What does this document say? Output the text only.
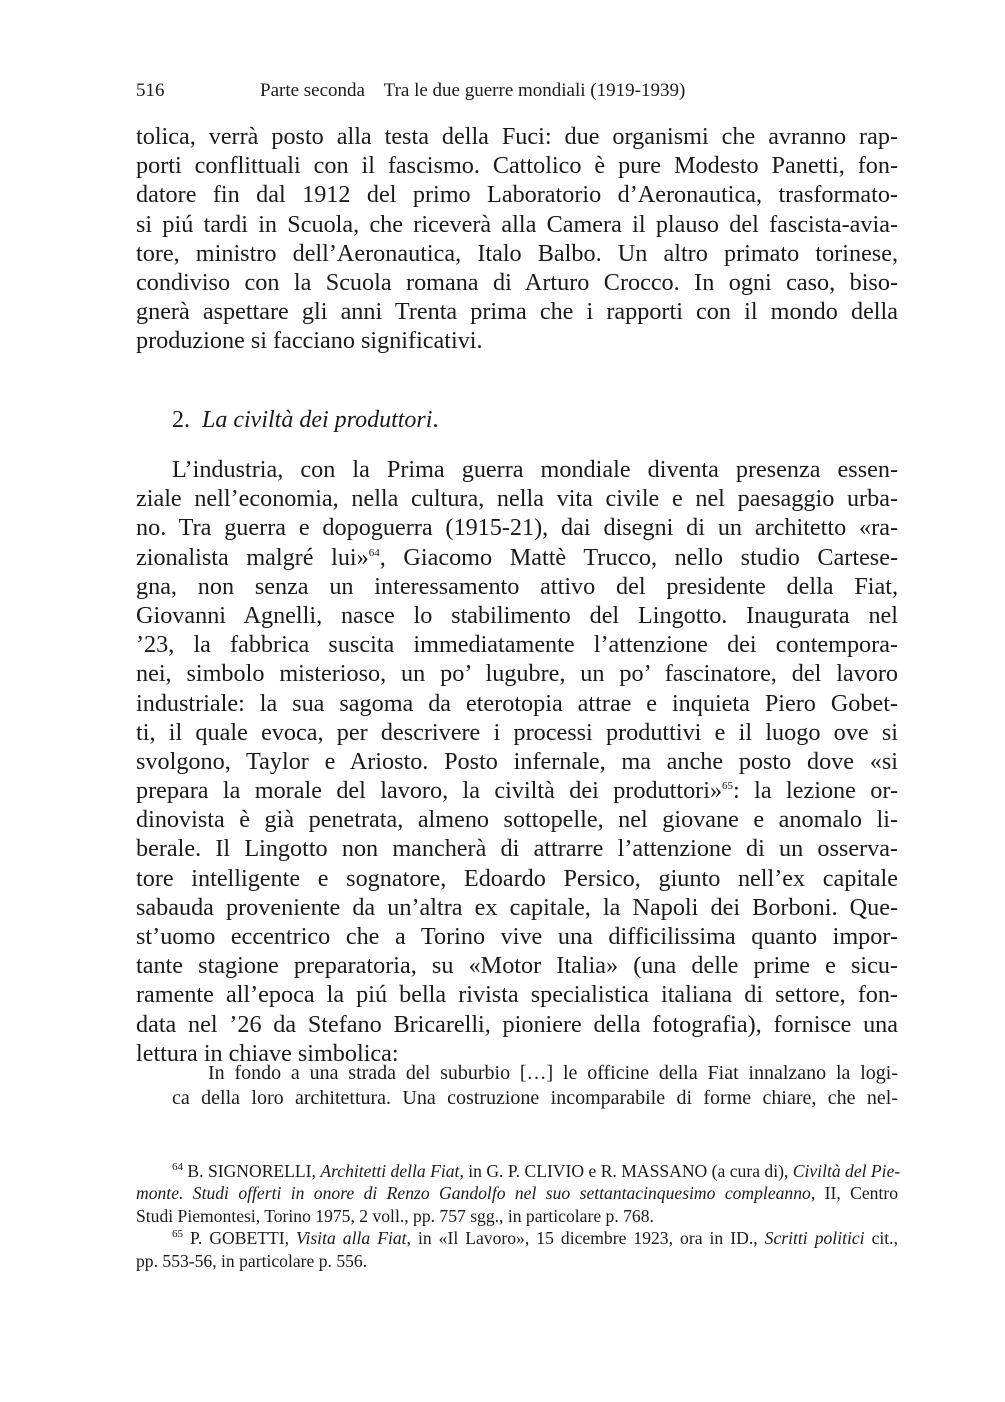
516	Parte seconda    Tra le due guerre mondiali (1919-1939)
tolica, verrà posto alla testa della Fuci: due organismi che avranno rap-
porti conflittuali con il fascismo. Cattolico è pure Modesto Panetti, fon-
datore fin dal 1912 del primo Laboratorio d’Aeronautica, trasformato-
si piú tardi in Scuola, che riceverà alla Camera il plauso del fascista-avia-
tore, ministro dell’Aeronautica, Italo Balbo. Un altro primato torinese,
condiviso con la Scuola romana di Arturo Crocco. In ogni caso, biso-
gnerà aspettare gli anni Trenta prima che i rapporti con il mondo della
produzione si facciano significativi.
2. La civiltà dei produttori.
L’industria, con la Prima guerra mondiale diventa presenza essen-
ziale nell’economia, nella cultura, nella vita civile e nel paesaggio urba-
no. Tra guerra e dopoguerra (1915-21), dai disegni di un architetto «ra-
zionalista malgré lui»$^{64}$, Giacomo Mattè Trucco, nello studio Cartese-
gna, non senza un interessamento attivo del presidente della Fiat,
Giovanni Agnelli, nasce lo stabilimento del Lingotto. Inaugurata nel
’23, la fabbrica suscita immediatamente l’attenzione dei contempora-
nei, simbolo misterioso, un po’ lugubre, un po’ fascinatore, del lavoro
industriale: la sua sagoma da eterotopia attrae e inquieta Piero Gobet-
ti, il quale evoca, per descrivere i processi produttivi e il luogo ove si
svolgono, Taylor e Ariosto. Posto infernale, ma anche posto dove «si
prepara la morale del lavoro, la civiltà dei produttori»$^{65}$: la lezione or-
dinovista è già penetrata, almeno sottopelle, nel giovane e anomalo li-
berale. Il Lingotto non mancherà di attrarre l’attenzione di un osserva-
tore intelligente e sognatore, Edoardo Persico, giunto nell’ex capitale
sabauda proveniente da un’altra ex capitale, la Napoli dei Borboni. Que-
st’uomo eccentrico che a Torino vive una difficilissima quanto impor-
tante stagione preparatoria, su «Motor Italia» (una delle prime e sicu-
ramente all’epoca la piú bella rivista specialistica italiana di settore, fon-
data nel ’26 da Stefano Bricarelli, pioniere della fotografia), fornisce una
lettura in chiave simbolica:
In fondo a una strada del suburbio […] le officine della Fiat innalzano la logi-
ca della loro architettura. Una costruzione incomparabile di forme chiare, che nel-
$^{64}$ B. SIGNORELLI, Architetti della Fiat, in G. P. CLIVIO e R. MASSANO (a cura di), Civiltà del Pie-
monte. Studi offerti in onore di Renzo Gandolfo nel suo settantacinquesimo compleanno, II, Centro
Studi Piemontesi, Torino 1975, 2 voll., pp. 757 sgg., in particolare p. 768.
$^{65}$ P. GOBETTI, Visita alla Fiat, in «Il Lavoro», 15 dicembre 1923, ora in ID., Scritti politici cit.,
pp. 553-56, in particolare p. 556.
